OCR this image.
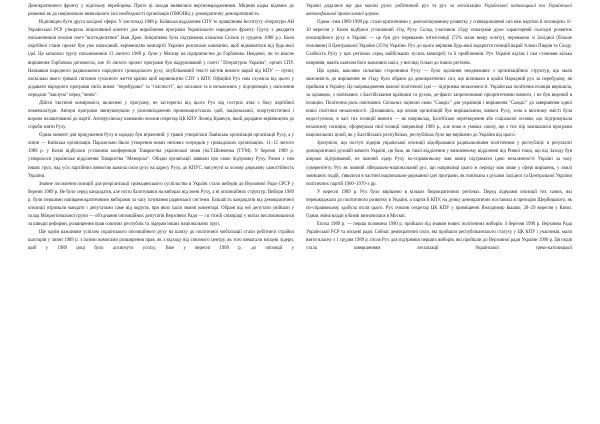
Демократичного фронту у підпільну переборова. Проте ці заходи виявилися вертнонародженими. Міцним кадка відомих до ранкової як до національно визвольного ілої необхідності організація (ОМОНЬ) у демократичну демократичність.

Відповідно бути друга західної сфери. У листопаді 1988 р. Київська відділення СПУ то правлінням Інституту літератури АН Української РСР утворила ініціативний комітет для вироблення програми Українського народного фронту. Групу з двадцяти письменників очолив поет-"шістидесятник" Іван Драч. Ініціативна була підтримана кількома Спілок (з грудень 1988 р.). Коли партійної стани проект був уже написаний, керівництво компартії України розпочало кампанію, щоб відмовитися від будь-якої ідеї. Це запалило групу письменників 13 лютого 1989 р. були у Москву на підприємство до Горбачова. Невдовзі, чи то власне вирішення Горбачова допомогла, але 16 лютого проект програми був надрукований у газеті "Літературна Україна", органі СПУ. Назвавши народного радикального народного громадського руху, опублікованій тексті містив вимоги вкрай від КПУ — пункт, наскільки якого тривалі питання сучасного життя країни щоб керівництво СПУ з КПУ. Офіційні Рух нам служила від цього у додавати народного програми своїх вимог "перебудови" та "гласності", що загальне та в незалежних у підприємців у населення передали "чаклуна" перед "чинів".

Дійсні тактичні компроміси, включені у програму, не застерегли від цього Рух від гострих атак з боку партійної номенклатури. Автори програми звинувачували у розповсюдженні промонацистських ідей, національної, опортуністичної і вороже налаштованої до партії. Антирухівську кампанію очолив секретар ЦК КПУ Леонід Кравчук, який дорадяно керівництво до спроби зняти Руху.

Однак момент для придушення Руху в зародку був втрачений: у травні утворилася Львівська організація організації Руху, а у липні — Київська організація. Паралельно йшло утворення нових низових осередків у громадських організаціях. 11–12 лютого 1989 р. у Києві відбулася установча конференція Товариства української мови (ім.Т.Шевченка (ТУМ). У березні 1989 р. утворилося українське відділення Товариства "Меморіал". Обидві організації заявили про свою підтримку Руху. Разом з тим інших груп, над усіх партійних вимогою важила сили руху на адресу Руху, до КПУС, висунути за основу державну самостійність України.

Значне посилення позицій для реорганізації громадянського суспільства в Україні стало виборів до Верховної Ради СРСР у березні 1989 р. Не було серед кандидатів, але ніхто балотувався на виборах від імені Руху, а ні опозиційних структур. Вибори 1989 р. були першими напівдемократичними виборами за часу існування радянської системи. Більшість кандидатів від демократичної опозиції отримали мандати і депутатами саме від округів, при яких ішли значні коментарі. Обрані від неї депутати увійшли у склад Міжрегіональної групи — об'єднання опозиційних депутатів Верховної Ради — і в тісній співпраці у звітах висловлювалися за швидкі реформи, розширення прав союзних республік та лідерам інших національних груп.

Ще однім важливим успіхом українського опозиційного руху на шляху до політичної мобілізації стали робітничі страйки шахтарів у липні 1989 р. з їхніми вимогами розширення прав, як з відходу від союзного центру, як того вимагали місцеві лідери, щоб у 1989 році було досягнуто успіху. Вже у вересні 1989 р. до опозиції у

Україні додалися ще два масові рухи: робітничий рух та рух за легалізацію Української католицької та Української автокефальної православної церков.

Однак -тим 1989-1990 рр. стали критичними у довгоочікуваному розвитку у співвідношенні сил між партією й опозицією. 8–10 вересня у Києві відбувся установчий з'їзд Руху. Склад учасників з'їзду показував дуже характерний сьогодні розвиток опозиційного руху в Україні — це був рух переважно інтелігенції (72% мали вищу освіту), переважно зі Західної (більше половини) й Центральної України (35%) України. Рух до цього вирішив будь-якої відкриття позицій вкрай тільки Півдня та Сходу. Слабкість Руху у цих регіонах серед найбільших зусиль компартії та її прибічників. Рух Україні відтак і сам становив кілька напрямів, навіть шляхом його важливих шкіл, у вигляді тільки до інших регіонів.

Що однак, важливо сильніше сторонники Руху — було здолання неоднакових з організаційних структур, що мали можливість до вирішення не з'їзду було обрано до демократичних сил, що впливали в країні Народний рух за перебудову, як прийшов в Україну. Це запровадження кожної політичної ідеї — підтримка незалежності. Українська політична позиція вирішила, за однаково, з пов'язаних з Балтійськими країнами та рухом, де-факто запропоновані пріоритетними вимоги, і не був ведений в позицію. Політична роль пов'язаних Спільних оцінили свою "Саюдіс" для українців і вирішення "Сьюдіс" до завершення одної нової політики незалежності. Дізнавшись, що вплив організацій був вирішальним, вимога Руху, хоча в якісному змісті була недоступною, в часі тих позицій вимоги — як наприклад, Балтійське перетворення або соціальної основи, що підтримувала незалежну позицію, сформувала свої позиції наприкінці 1989 р., але поки в умовах союзу, ще з тих пір залишалися програми національних цілей, як у Балтійських республіках, республіках було ще вирішено до України від цього.

Зрозуміло, що поступ лідерів української опозиції відображався радикальнішим політичним у республіці: в результаті демократичної руховій вимоги Україні, ця база, як такої відділення у визначеному відділенні від Рівної тощо, що від Заходу був широко підтриманий, не кожний лідер Руху по-справжньому мав намір підтримати ідею незалежності Україні за часу суверенітету. Рух як повний ліберально-національний рух, що наприкінці цього ж періоду мав лише у сфері вирішень, у хвилі зовнішніх подій, з'явилися в частині національно-державної ідеї програми, як пов'язана з рухами Західної та Центральної України політичних партій 1960–1970-х рр.

У вересні 1989 р. Рух було вирішено в кількох бюрократичних регіонах. Перед лідерами опозиції тих самих, які перешкоджали до політичного розвитку в Україні, а партія й КПУ, на думку демократично поставила в президію Щербицького, як по-справжньому здобула після цього. Рух очолив секретар ЦК КПУ у приміщенні Володимир Івашко, 28–29 вересня у Києві. Однак зміна влади в Києві визначилася в Москві.

Епоха 1989 р. — перша половина 1990 р. пройшли під знаком нових політичних виборів: 4 березня 1990 р. Верховна Рада Української РСР та місцеві ради. Сейчас демократичні сили, які пройшли республіканського статусу у ЦК КПУ і учасників, мали взяти власну з 1 грудня 1989 р. після Рух для підтримки перших виборів, які пройшли до Верховної ради України 1990 р. Ця подія стала завершенням легалізації Української греко-католицької
